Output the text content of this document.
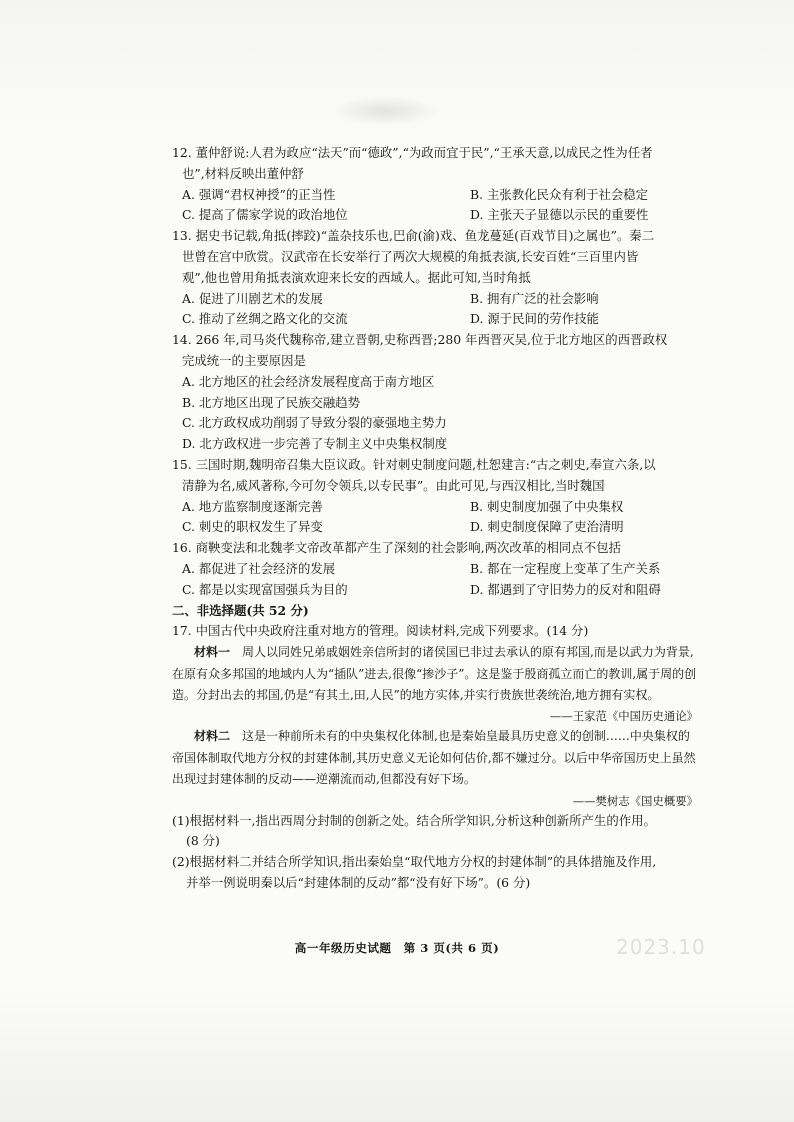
12. 董仲舒说:人君为政应“法天”而“德政”,“为政而宜于民”,“王承天意,以成民之性为任者
也”,材料反映出董仲舒
A. 强调“君权神授”的正当性	B. 主张教化民众有利于社会稳定
C. 提高了儒家学说的政治地位	D. 主张天子显德以示民的重要性
13. 据史书记载,角抵(摔跤)“盖杂技乐也,巴俞(渝)戏、鱼龙蔓延(百戏节目)之属也”。秦二
世曾在宫中欣赏。汉武帝在长安举行了两次大规模的角抵表演,长安百姓“三百里内皆
观”,他也曾用角抵表演欢迎来长安的西域人。据此可知,当时角抵
A. 促进了川剧艺术的发展	B. 拥有广泛的社会影响
C. 推动了丝绸之路文化的交流	D. 源于民间的劳作技能
14. 266 年,司马炎代魏称帝,建立晋朝,史称西晋;280 年西晋灭吴,位于北方地区的西晋政权
完成统一的主要原因是
A. 北方地区的社会经济发展程度高于南方地区
B. 北方地区出现了民族交融趋势
C. 北方政权成功削弱了导致分裂的豪强地主势力
D. 北方政权进一步完善了专制主义中央集权制度
15. 三国时期,魏明帝召集大臣议政。针对刺史制度问题,杜恕建言:“古之刺史,奉宣六条,以
清静为名,威风著称,今可勿令领兵,以专民事”。由此可见,与西汉相比,当时魏国
A. 地方监察制度逐渐完善	B. 刺史制度加强了中央集权
C. 刺史的职权发生了异变	D. 刺史制度保障了吏治清明
16. 商鞅变法和北魏孝文帝改革都产生了深刻的社会影响,两次改革的相同点不包括
A. 都促进了社会经济的发展	B. 都在一定程度上变革了生产关系
C. 都是以实现富国强兵为目的	D. 都遇到了守旧势力的反对和阻碍
二、非选择题(共 52 分)
17. 中国古代中央政府注重对地方的管理。阅读材料,完成下列要求。(14 分)

材料一　周人以同姓兄弟戚姻姓亲信所封的诸侯国已非过去承认的原有邦国,而是以武力为背景,在原有众多邦国的地域内人为“插队”进去,很像“掺沙子”。这是鉴于殷商孤立而亡的教训,属于周的创造。分封出去的邦国,仍是“有其土,田,人民”的地方实体,并实行贵族世袭统治,地方拥有实权。

——王家范《中国历史通论》

材料二　这是一种前所未有的中央集权化体制,也是秦始皇最具历史意义的创制……中央集权的帝国体制取代地方分权的封建体制,其历史意义无论如何估价,都不嫌过分。以后中华帝国历史上虽然出现过封建体制的反动——逆潮流而动,但都没有好下场。

——樊树志《国史概要》

(1)根据材料一,指出西周分封制的创新之处。结合所学知识,分析这种创新所产生的作用。
(8 分)
(2)根据材料二并结合所学知识,指出秦始皇“取代地方分权的封建体制”的具体措施及作用,
并举一例说明秦以后“封建体制的反动”都“没有好下场”。(6 分)
高一年级历史试题　第 3 页(共 6 页)	2023.10
